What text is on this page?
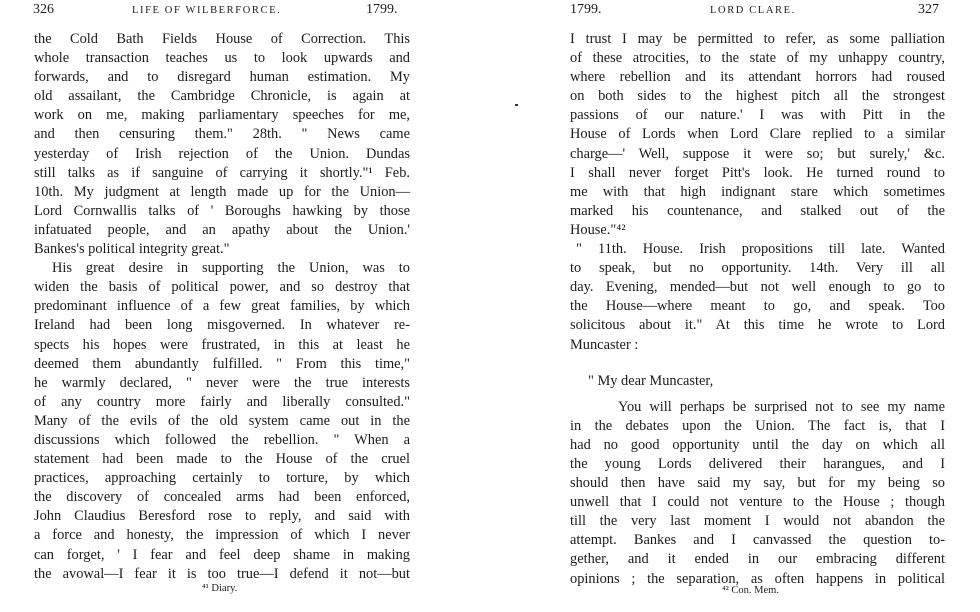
326	LIFE OF WILBERFORCE.	1799.
the Cold Bath Fields House of Correction. This
whole transaction teaches us to look upwards and
forwards, and to disregard human estimation. My
old assailant, the Cambridge Chronicle, is again at
work on me, making parliamentary speeches for me,
and then censuring them." 28th. " News came
yesterday of Irish rejection of the Union. Dundas
still talks as if sanguine of carrying it shortly."¹ Feb.
10th. My judgment at length made up for the Union—
Lord Cornwallis talks of ' Boroughs hawking by those
infatuated people, and an apathy about the Union.'
Bankes's political integrity great."
His great desire in supporting the Union, was to
widen the basis of political power, and so destroy that
predominant influence of a few great families, by which
Ireland had been long misgoverned. In whatever re-
spects his hopes were frustrated, in this at least he
deemed them abundantly fulfilled. " From this time,"
he warmly declared, " never were the true interests
of any country more fairly and liberally consulted."
Many of the evils of the old system came out in the
discussions which followed the rebellion. " When a
statement had been made to the House of the cruel
practices, approaching certainly to torture, by which
the discovery of concealed arms had been enforced,
John Claudius Beresford rose to reply, and said with
a force and honesty, the impression of which I never
can forget, ' I fear and feel deep shame in making
the avowal—I fear it is too true—I defend it not—but
⁴¹ Diary.
1799.	LORD CLARE.	327
I trust I may be permitted to refer, as some palliation
of these atrocities, to the state of my unhappy country,
where rebellion and its attendant horrors had roused
on both sides to the highest pitch all the strongest
passions of our nature.' I was with Pitt in the
House of Lords when Lord Clare replied to a similar
charge—' Well, suppose it were so; but surely,' &c.
I shall never forget Pitt's look. He turned round to
me with that high indignant stare which sometimes
marked his countenance, and stalked out of the
House."⁴²
" 11th. House. Irish propositions till late. Wanted
to speak, but no opportunity. 14th. Very ill all
day. Evening, mended—but not well enough to go to
the House—where meant to go, and speak. Too
solicitous about it." At this time he wrote to Lord
Muncaster :
" My dear Muncaster,
You will perhaps be surprised not to see my name
in the debates upon the Union. The fact is, that I
had no good opportunity until the day on which all
the young Lords delivered their harangues, and I
should then have said my say, but for my being so
unwell that I could not venture to the House ; though
till the very last moment I would not abandon the
attempt. Bankes and I canvassed the question to-
gether, and it ended in our embracing different
opinions ; the separation, as often happens in political
⁴² Con. Mem.
